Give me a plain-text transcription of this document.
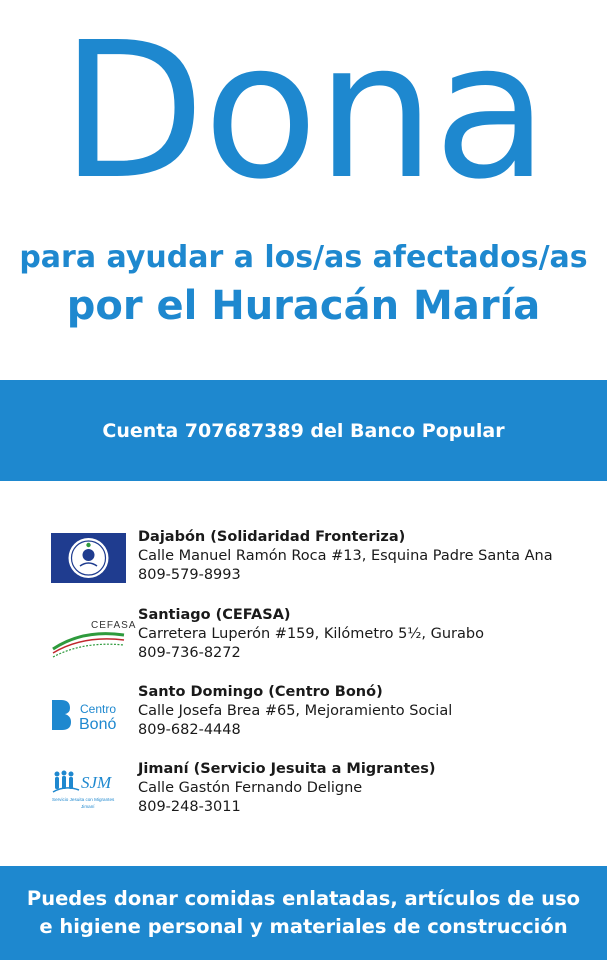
Dona
para ayudar a los/as afectados/as
por el Huracán María
Cuenta 707687389 del Banco Popular
Dajabón (Solidaridad Fronteriza)
Calle Manuel Ramón Roca #13, Esquina Padre Santa Ana
809-579-8993
CEFASA
Santiago (CEFASA)
Carretera Luperón #159, Kilómetro 5½, Gurabo
809-736-8272
Centro
Bonó
Santo Domingo (Centro Bonó)
Calle Josefa Brea #65, Mejoramiento Social
809-682-4448
SJM
Servicio Jesuita con Migrantes
Jimaní
Jimaní (Servicio Jesuita a Migrantes)
Calle Gastón Fernando Deligne
809-248-3011
Puedes donar comidas enlatadas, artículos de uso
e higiene personal y materiales de construcción
